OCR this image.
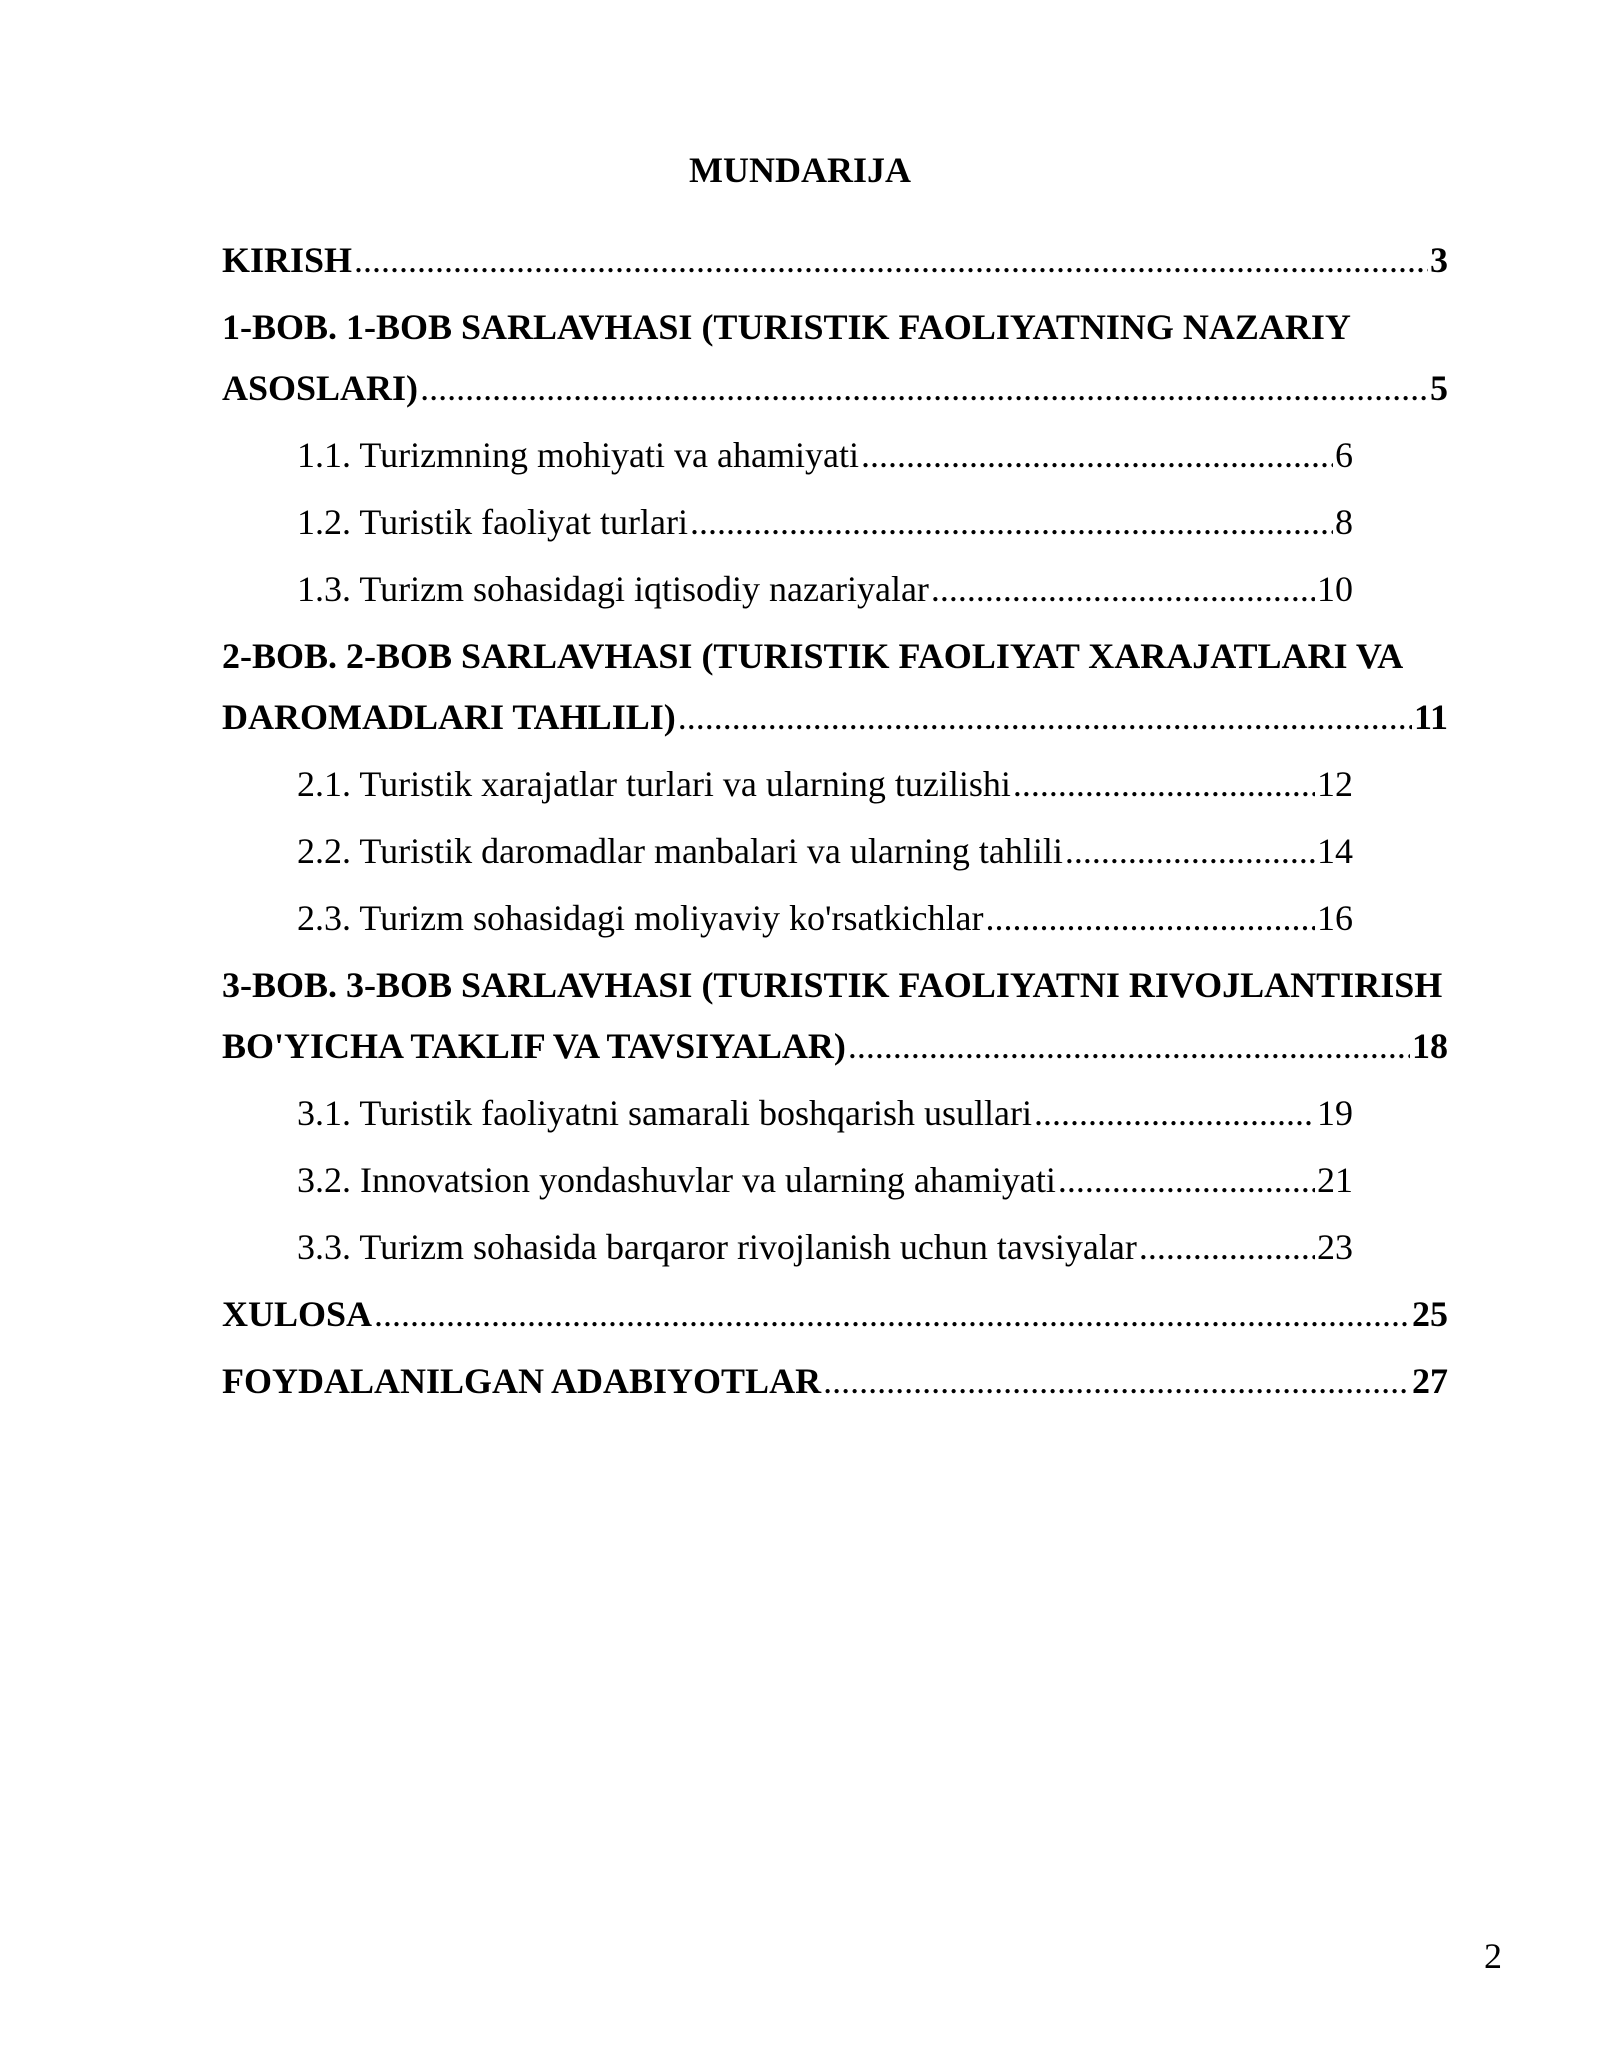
MUNDARIJA
KIRISH .....	3
1-BOB. 1-BOB SARLAVHASI (TURISTIK FAOLIYATNING NAZARIY
ASOSLARI) .....	5
1.1. Turizmning mohiyati va ahamiyati .....	6
1.2. Turistik faoliyat turlari .....	8
1.3. Turizm sohasidagi iqtisodiy nazariyalar .....	10
2-BOB. 2-BOB SARLAVHASI (TURISTIK FAOLIYAT XARAJATLARI VA
DAROMADLARI TAHLILI) .....	11
2.1. Turistik xarajatlar turlari va ularning tuzilishi .....	12
2.2. Turistik daromadlar manbalari va ularning tahlili .....	14
2.3. Turizm sohasidagi moliyaviy ko'rsatkichlar .....	16
3-BOB. 3-BOB SARLAVHASI (TURISTIK FAOLIYATNI RIVOJLANTIRISH
BO'YICHA TAKLIF VA TAVSIYALAR) .....	18
3.1. Turistik faoliyatni samarali boshqarish usullari .....	19
3.2. Innovatsion yondashuvlar va ularning ahamiyati .....	21
3.3. Turizm sohasida barqaror rivojlanish uchun tavsiyalar .....	23
XULOSA .....	25
FOYDALANILGAN ADABIYOTLAR .....	27
2
